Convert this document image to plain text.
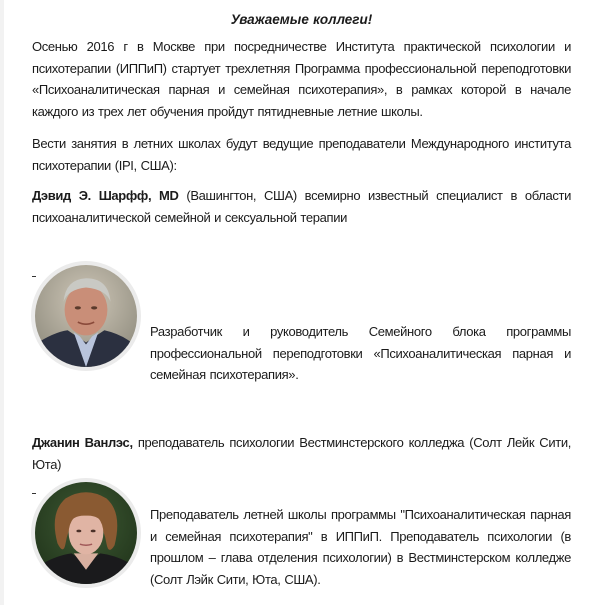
Уважаемые коллеги!

Осенью 2016 г в Москве при посредничестве Института практической психологии и психотерапии (ИППиП) стартует трехлетняя Программа профессиональной переподготовки «Психоаналитическая парная и семейная психотерапия», в рамках которой в начале каждого из трех лет обучения пройдут пятидневные летние школы.

Вести занятия в летних школах будут ведущие преподаватели Международного института психотерапии (IPI, США):

Дэвид Э. Шарфф, MD (Вашингтон, США) всемирно известный специалист в области психоаналитической семейной и сексуальной терапии

Джанин Ванлэс, преподаватель психологии Вестминстерского колледжа (Солт Лейк Сити, Юта)

Разработчик и руководитель Семейного блока программы профессиональной переподготовки «Психоаналитическая парная и семейная психотерапия».

Преподаватель летней школы программы "Психоаналитическая парная и семейная психотерапия" в ИППиП. Преподаватель психологии (в прошлом – глава отделения психологии) в Вестминстерском колледже (Солт Лэйк Сити, Юта, США).
